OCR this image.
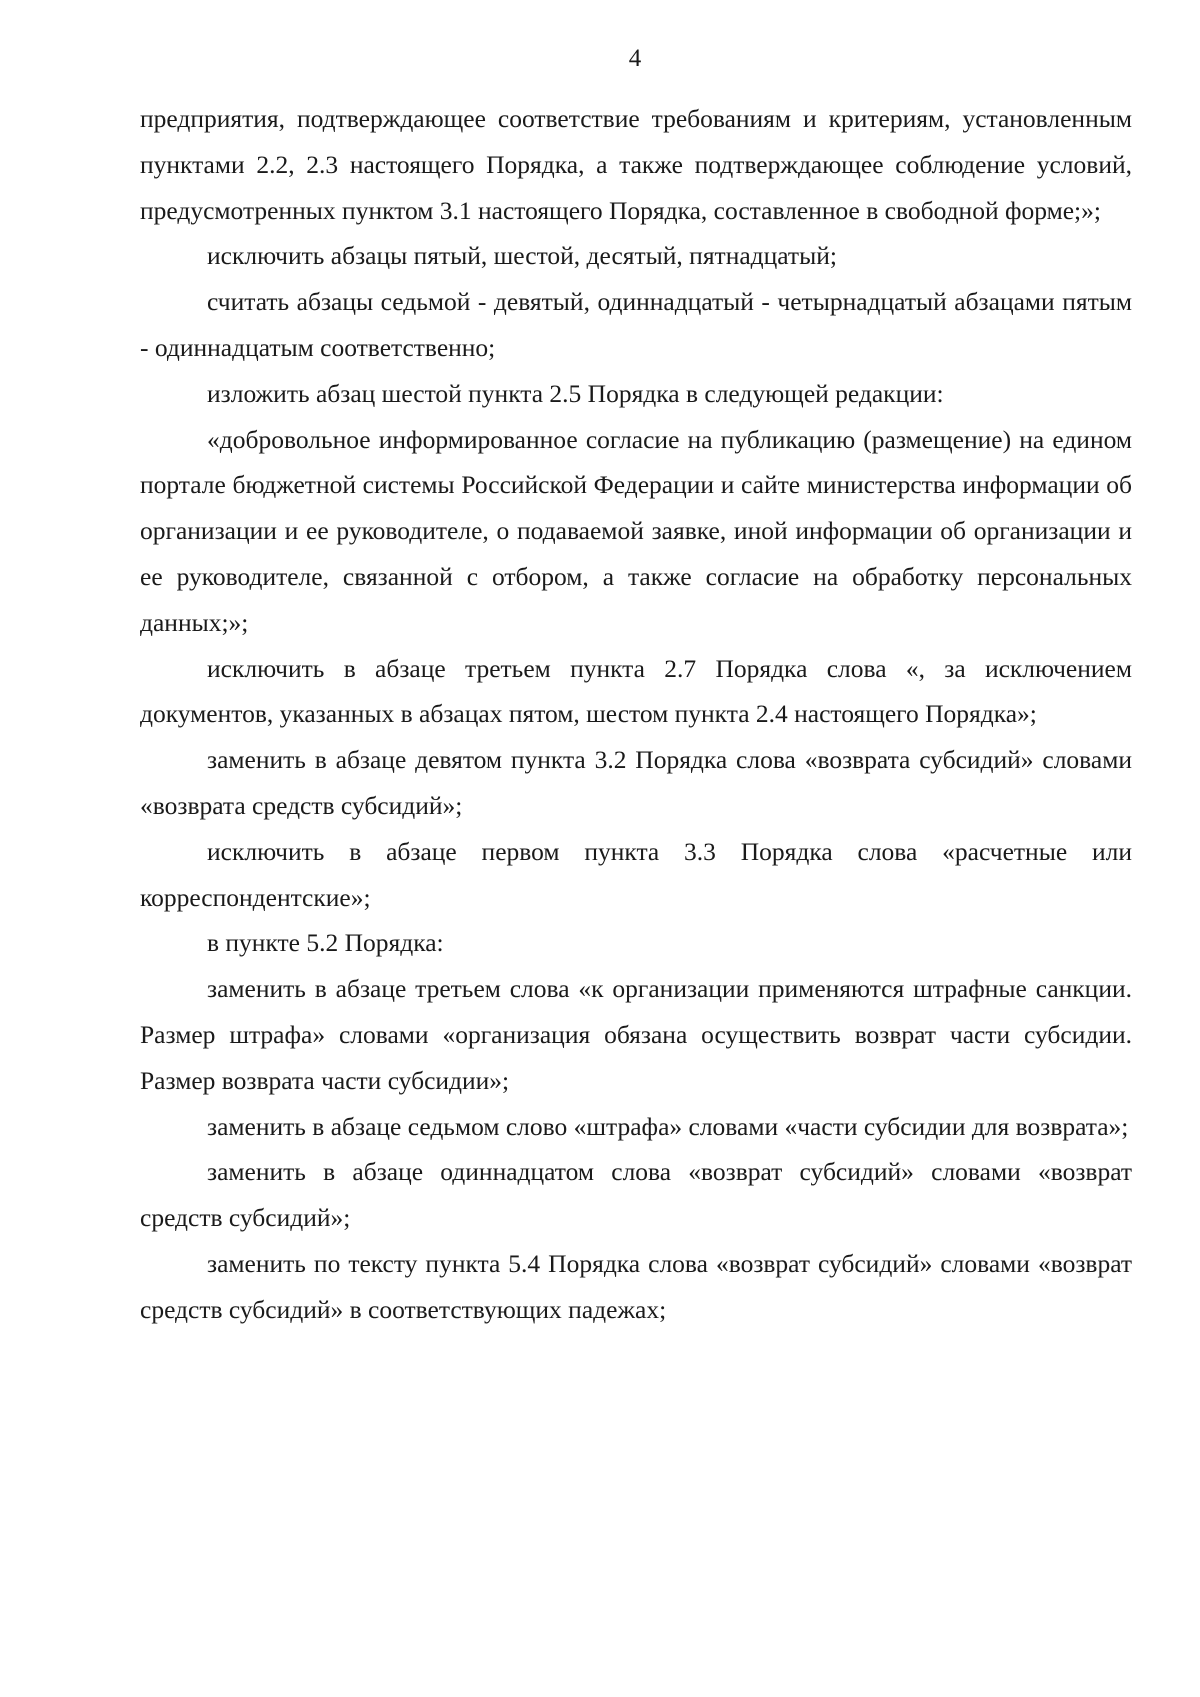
4

предприятия, подтверждающее соответствие требованиям и критериям, установленным пунктами 2.2, 2.3 настоящего Порядка, а также подтверждающее соблюдение условий, предусмотренных пунктом 3.1 настоящего Порядка, составленное в свободной форме;»;

исключить абзацы пятый, шестой, десятый, пятнадцатый;

считать абзацы седьмой - девятый, одиннадцатый - четырнадцатый абзацами пятым - одиннадцатым соответственно;

изложить абзац шестой пункта 2.5 Порядка в следующей редакции:

«добровольное информированное согласие на публикацию (размещение) на едином портале бюджетной системы Российской Федерации и сайте министерства информации об организации и ее руководителе, о подаваемой заявке, иной информации об организации и ее руководителе, связанной с отбором, а также согласие на обработку персональных данных;»;

исключить в абзаце третьем пункта 2.7 Порядка слова «, за исключением документов, указанных в абзацах пятом, шестом пункта 2.4 настоящего Порядка»;

заменить в абзаце девятом пункта 3.2 Порядка слова «возврата субсидий» словами «возврата средств субсидий»;

исключить в абзаце первом пункта 3.3 Порядка слова «расчетные или корреспондентские»;

в пункте 5.2 Порядка:

заменить в абзаце третьем слова «к организации применяются штрафные санкции. Размер штрафа» словами «организация обязана осуществить возврат части субсидии. Размер возврата части субсидии»;

заменить в абзаце седьмом слово «штрафа» словами «части субсидии для возврата»;

заменить в абзаце одиннадцатом слова «возврат субсидий» словами «возврат средств субсидий»;

заменить по тексту пункта 5.4 Порядка слова «возврат субсидий» словами «возврат средств субсидий» в соответствующих падежах;
